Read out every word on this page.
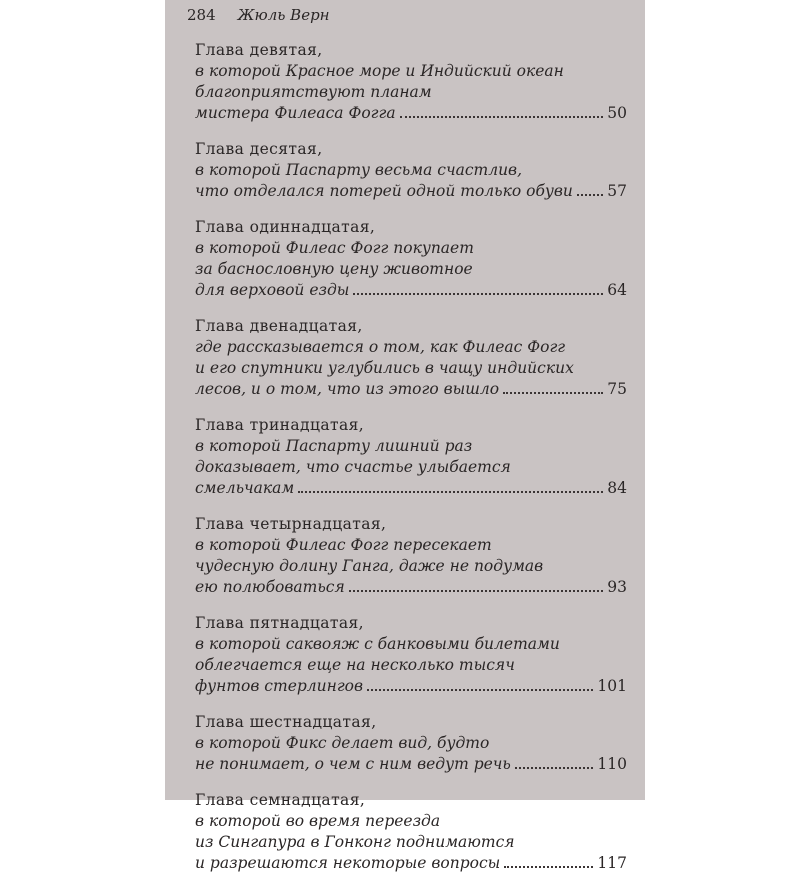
284 Жюль Верн
Глава девятая,
в которой Красное море и Индийский океан
благоприятствуют планам
мистера Филеаса Фогга	50
Глава десятая,
в которой Паспарту весьма счастлив,
что отделался потерей одной только обуви 57
Глава одиннадцатая,
в которой Филеас Фогг покупает
за баснословную цену животное
для верховой езды	64
Глава двенадцатая,
где рассказывается о том, как Филеас Фогг
и его спутники углубились в чащу индийских
лесов, и о том, что из этого вышло	75
Глава тринадцатая,
в которой Паспарту лишний раз
доказывает, что счастье улыбается
смельчакам	84
Глава четырнадцатая,
в которой Филеас Фогг пересекает
чудесную долину Ганга, даже не подумав
ею полюбоваться	93
Глава пятнадцатая,
в которой саквояж с банковыми билетами
облегчается еще на несколько тысяч
фунтов стерлингов	101
Глава шестнадцатая,
в которой Фикс делает вид, будто
не понимает, о чем с ним ведут речь	110
Глава семнадцатая,
в которой во время переезда
из Сингапура в Гонконг поднимаются
и разрешаются некоторые вопросы	117
